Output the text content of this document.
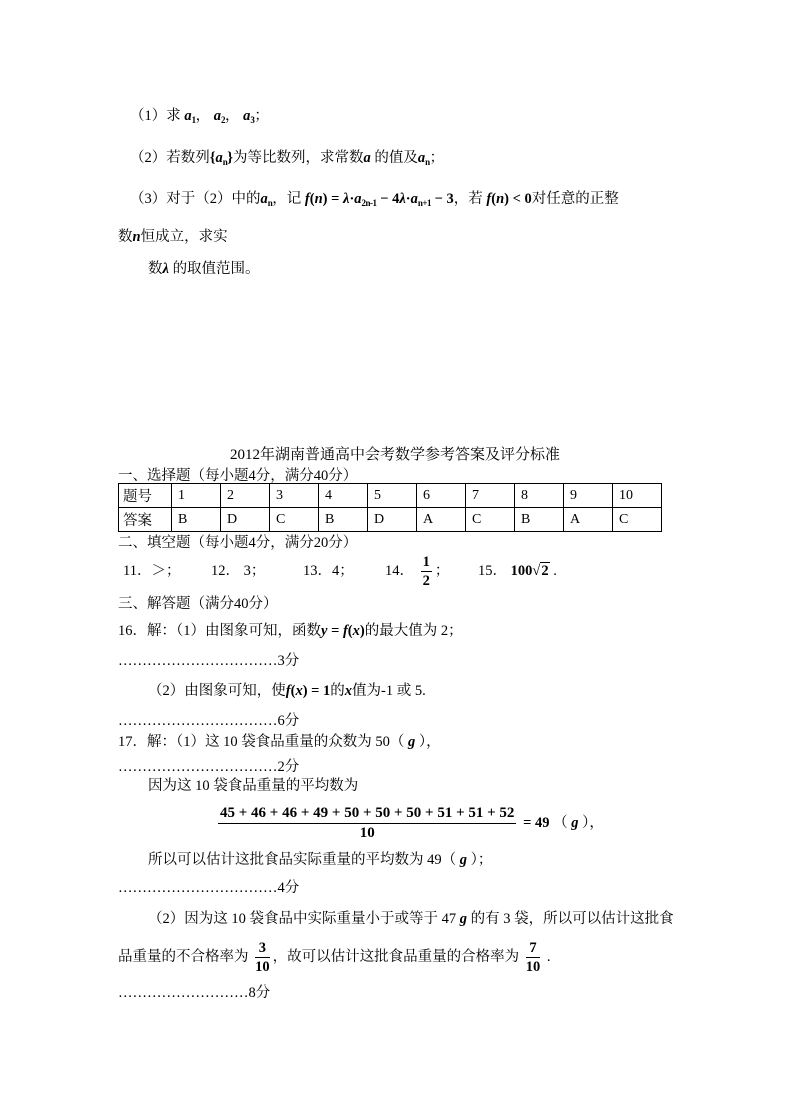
（1）求 $a_1$， $a_2$， $a_3$；
（2）若数列$\{a_n\}$为等比数列，求常数a 的值及$a_n$；
（3）对于（2）中的$a_n$，记 $f(n) = \lambda\cdot a_{2n-1} - 4\lambda\cdot a_{n+1} - 3$，若 f(n) < 0对任意的正整
数n恒成立，求实
数λ 的取值范围。
2012年湖南普通高中会考数学参考答案及评分标准
一、选择题（每小题4分，满分40分）
题号	1	2	3	4	5	6	7	8	9	10
答案	B	D	C	B	D	A	C	B	A	C
二、填空题（每小题4分，满分20分）
11．＞； 12． 3；	13．4； 14． $\frac{1}{2}$ ； 15． 100√2 .
三、解答题（满分40分）
16．解：（1）由图象可知，函数y = f(x)的最大值为 2；
……………………………3分
（2）由图象可知，使f(x) = 1的x值为-1 或 5.
……………………………6分
17．解：（1）这 10 袋食品重量的众数为 50（ g ），
……………………………2分
因为这 10 袋食品重量的平均数为
$\frac{45 + 46 + 46 + 49 + 50 + 50 + 50 + 51 + 51 + 52}{10} = 49$ （ g ），
所以可以估计这批食品实际重量的平均数为 49（ g ）；
……………………………4分
（2）因为这 10 袋食品中实际重量小于或等于 47 g 的有 3 袋，所以可以估计这批食
品重量的不合格率为 $\frac{3}{10}$ ，故可以估计这批食品重量的合格率为 $\frac{7}{10}$ .
………………………8分
